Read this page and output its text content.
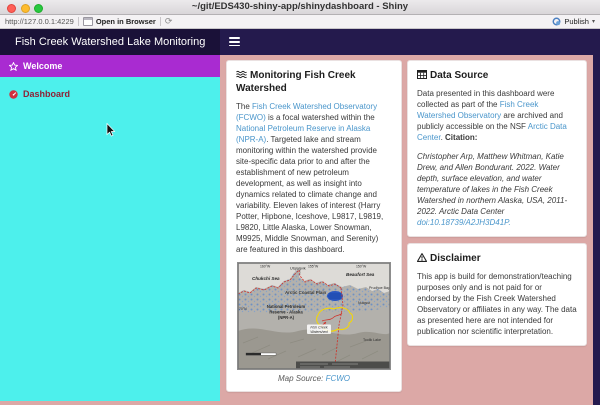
~/git/EDS430-shiny-app/shinydashboard - Shiny
http://127.0.0.1:4229	Open in Browser ⟳	Publish ▾
Fish Creek Watershed Lake Monitoring
Welcome
Dashboard
Monitoring Fish Creek Watershed
The Fish Creek Watershed Observatory (FCWO) is a focal watershed within the National Petroleum Reserve in Alaska (NPR-A). Targeted lake and stream monitoring within the watershed provide site-specific data prior to and after the establishment of new petroleum development, as well as insight into dynamics related to climate change and variability. Eleven lakes of interest (Harry Potter, Hipbone, Iceshove, L9817, L9819, L9820, Little Alaska, Lower Snowman, M9925, Middle Snowman, and Serenity) are featured in this dashboard.
160°W	155°W	150°W
70°N
Chukchi Sea
Beaufort Sea
Utqiaġvik
Arctic Coastal Plain
Prudhoe Bay
Nuiqsut
National Petroleum
Reserve - Alaska
(NPR-A)
Fish Creek
Watershed
Toolik Lake
Map Source: FCWO
Data Source
Data presented in this dashboard were collected as part of the Fish Creek Watershed Observatory are archived and publicly accessible on the NSF Arctic Data Center. Citation:
Christopher Arp, Matthew Whitman, Katie Drew, and Allen Bondurant. 2022. Water depth, surface elevation, and water temperature of lakes in the Fish Creek Watershed in northern Alaska, USA, 2011-2022. Arctic Data Center doi:10.18739/A2JH3D41P.
Disclaimer
This app is build for demonstration/teaching purposes only and is not paid for or endorsed by the Fish Creek Watershed Observatory or affiliates in any way. The data as presented here are not intended for publication nor scientific interpretation.
